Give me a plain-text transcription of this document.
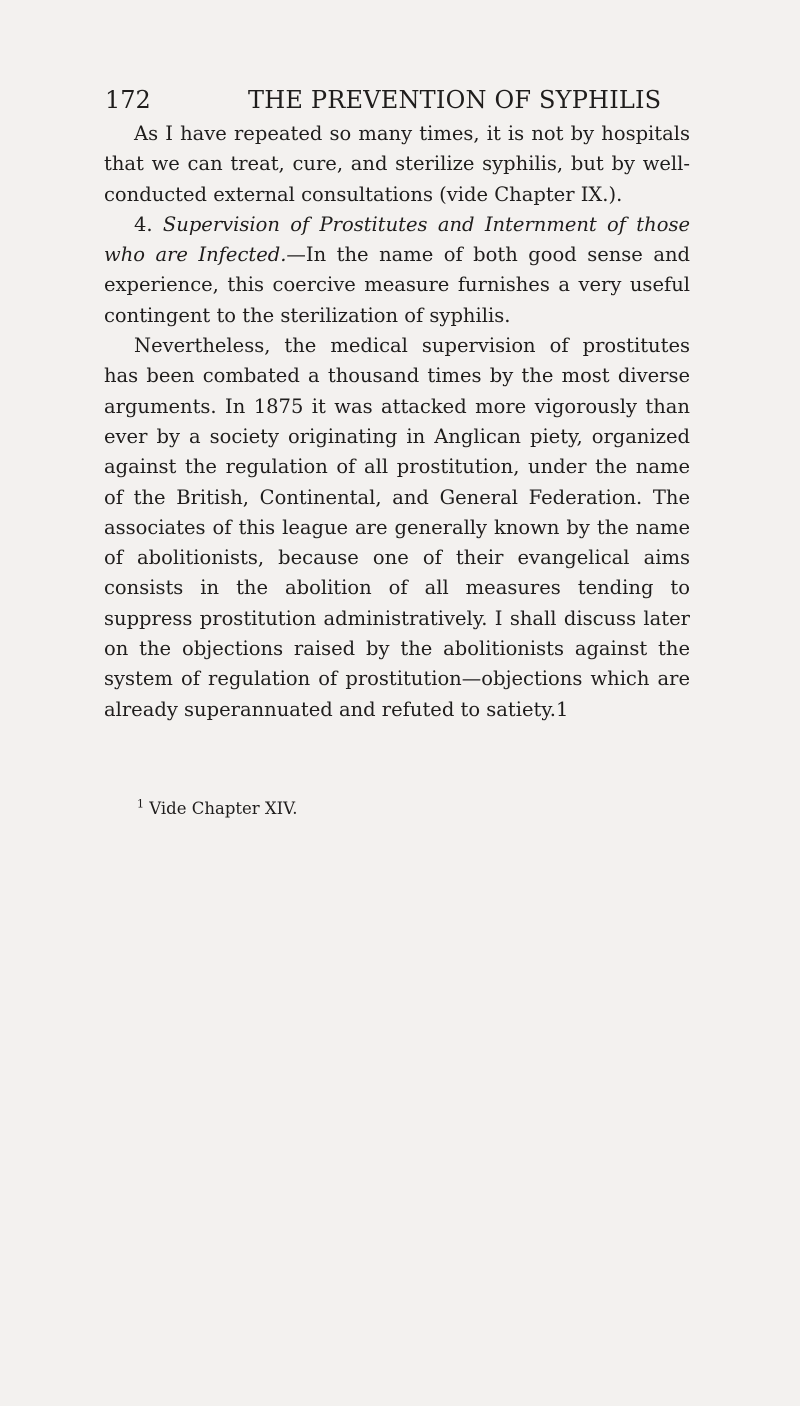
172	THE PREVENTION OF SYPHILIS

As I have repeated so many times, it is not by hospitals that we can treat, cure, and sterilize syphilis, but by well-conducted external consultations (vide Chapter IX.).

4. Supervision of Prostitutes and Internment of those who are Infected.—In the name of both good sense and experience, this coercive measure furnishes a very useful contingent to the sterilization of syphilis.

Nevertheless, the medical supervision of prostitutes has been combated a thousand times by the most diverse arguments. In 1875 it was attacked more vigorously than ever by a society originating in Anglican piety, organized against the regulation of all prostitution, under the name of the British, Continental, and General Federation. The associates of this league are generally known by the name of abolitionists, because one of their evangelical aims consists in the abolition of all measures tending to suppress prostitution administratively. I shall discuss later on the objections raised by the abolitionists against the system of regulation of prostitution—objections which are already superannuated and refuted to satiety.1

$^1$ Vide Chapter XIV.
